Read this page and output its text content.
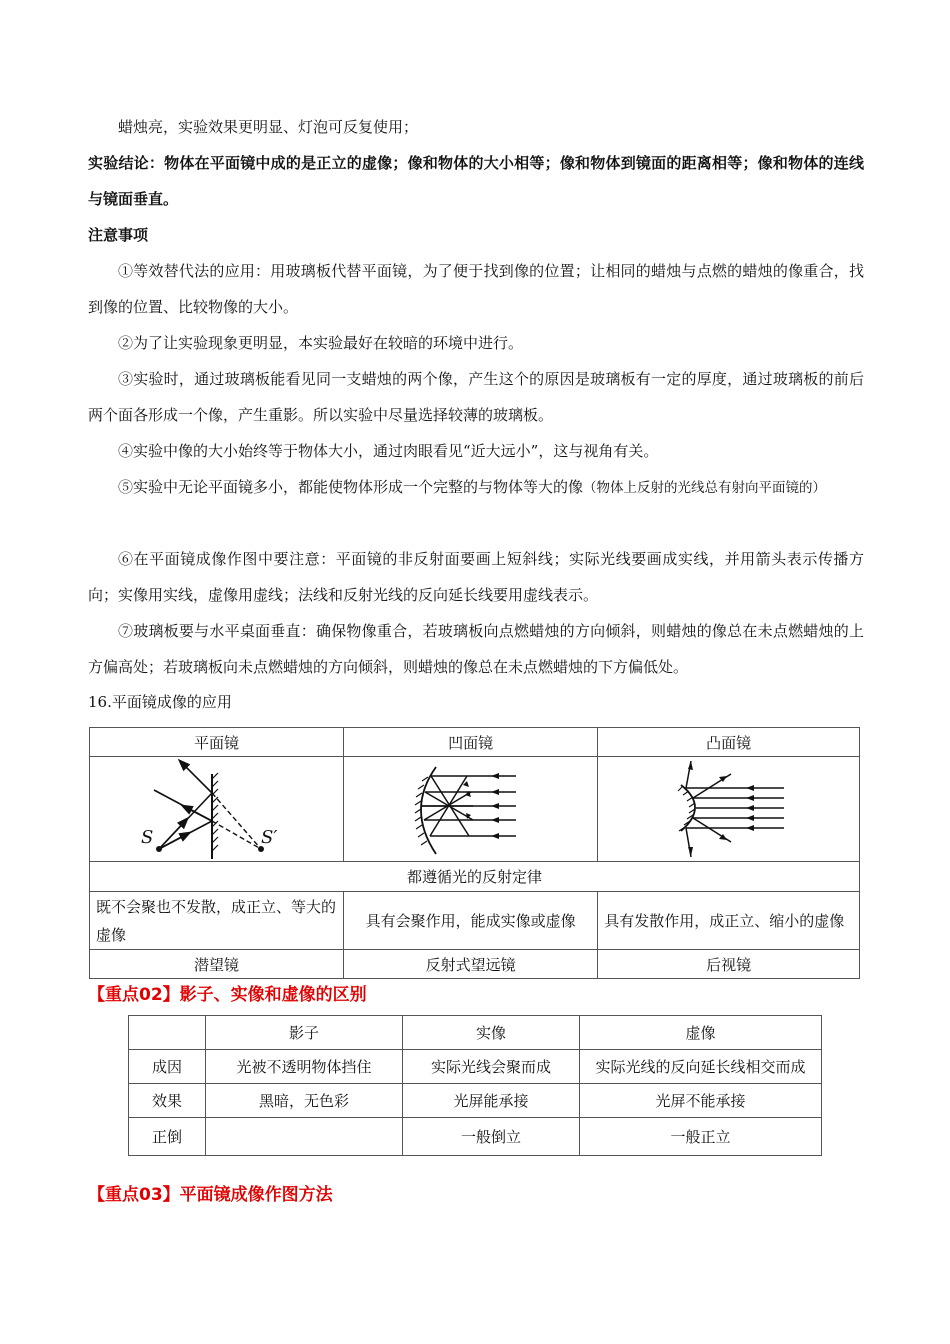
蜡烛亮，实验效果更明显、灯泡可反复使用；

实验结论：物体在平面镜中成的是正立的虚像；像和物体的大小相等；像和物体到镜面的距离相等；像和物体的连线与镜面垂直。

注意事项

①等效替代法的应用：用玻璃板代替平面镜，为了便于找到像的位置；让相同的蜡烛与点燃的蜡烛的像重合，找到像的位置、比较物像的大小。

②为了让实验现象更明显，本实验最好在较暗的环境中进行。

③实验时，通过玻璃板能看见同一支蜡烛的两个像，产生这个的原因是玻璃板有一定的厚度，通过玻璃板的前后两个面各形成一个像，产生重影。所以实验中尽量选择较薄的玻璃板。

④实验中像的大小始终等于物体大小，通过肉眼看见“近大远小”，这与视角有关。

⑤实验中无论平面镜多小，都能使物体形成一个完整的与物体等大的像（物体上反射的光线总有射向平面镜的）

⑥在平面镜成像作图中要注意：平面镜的非反射面要画上短斜线；实际光线要画成实线，并用箭头表示传播方向；实像用实线，虚像用虚线；法线和反射光线的反向延长线要用虚线表示。

⑦玻璃板要与水平桌面垂直：确保物像重合，若玻璃板向点燃蜡烛的方向倾斜，则蜡烛的像总在未点燃蜡烛的上方偏高处；若玻璃板向未点燃蜡烛的方向倾斜，则蜡烛的像总在未点燃蜡烛的下方偏低处。

16.平面镜成像的应用

平面镜	凹面镜	凸面镜

S S′

都遵循光的反射定律		
既不会聚也不发散，成正立、等大的虚像	具有会聚作用，能成实像或虚像	具有发散作用，成正立、缩小的虚像
潜望镜	反射式望远镜	后视镜

【重点02】影子、实像和虚像的区别

	影子	实像	虚像
成因	光被不透明物体挡住	实际光线会聚而成	实际光线的反向延长线相交而成
效果	黑暗，无色彩	光屏能承接	光屏不能承接
正倒		一般倒立	一般正立

【重点03】平面镜成像作图方法
